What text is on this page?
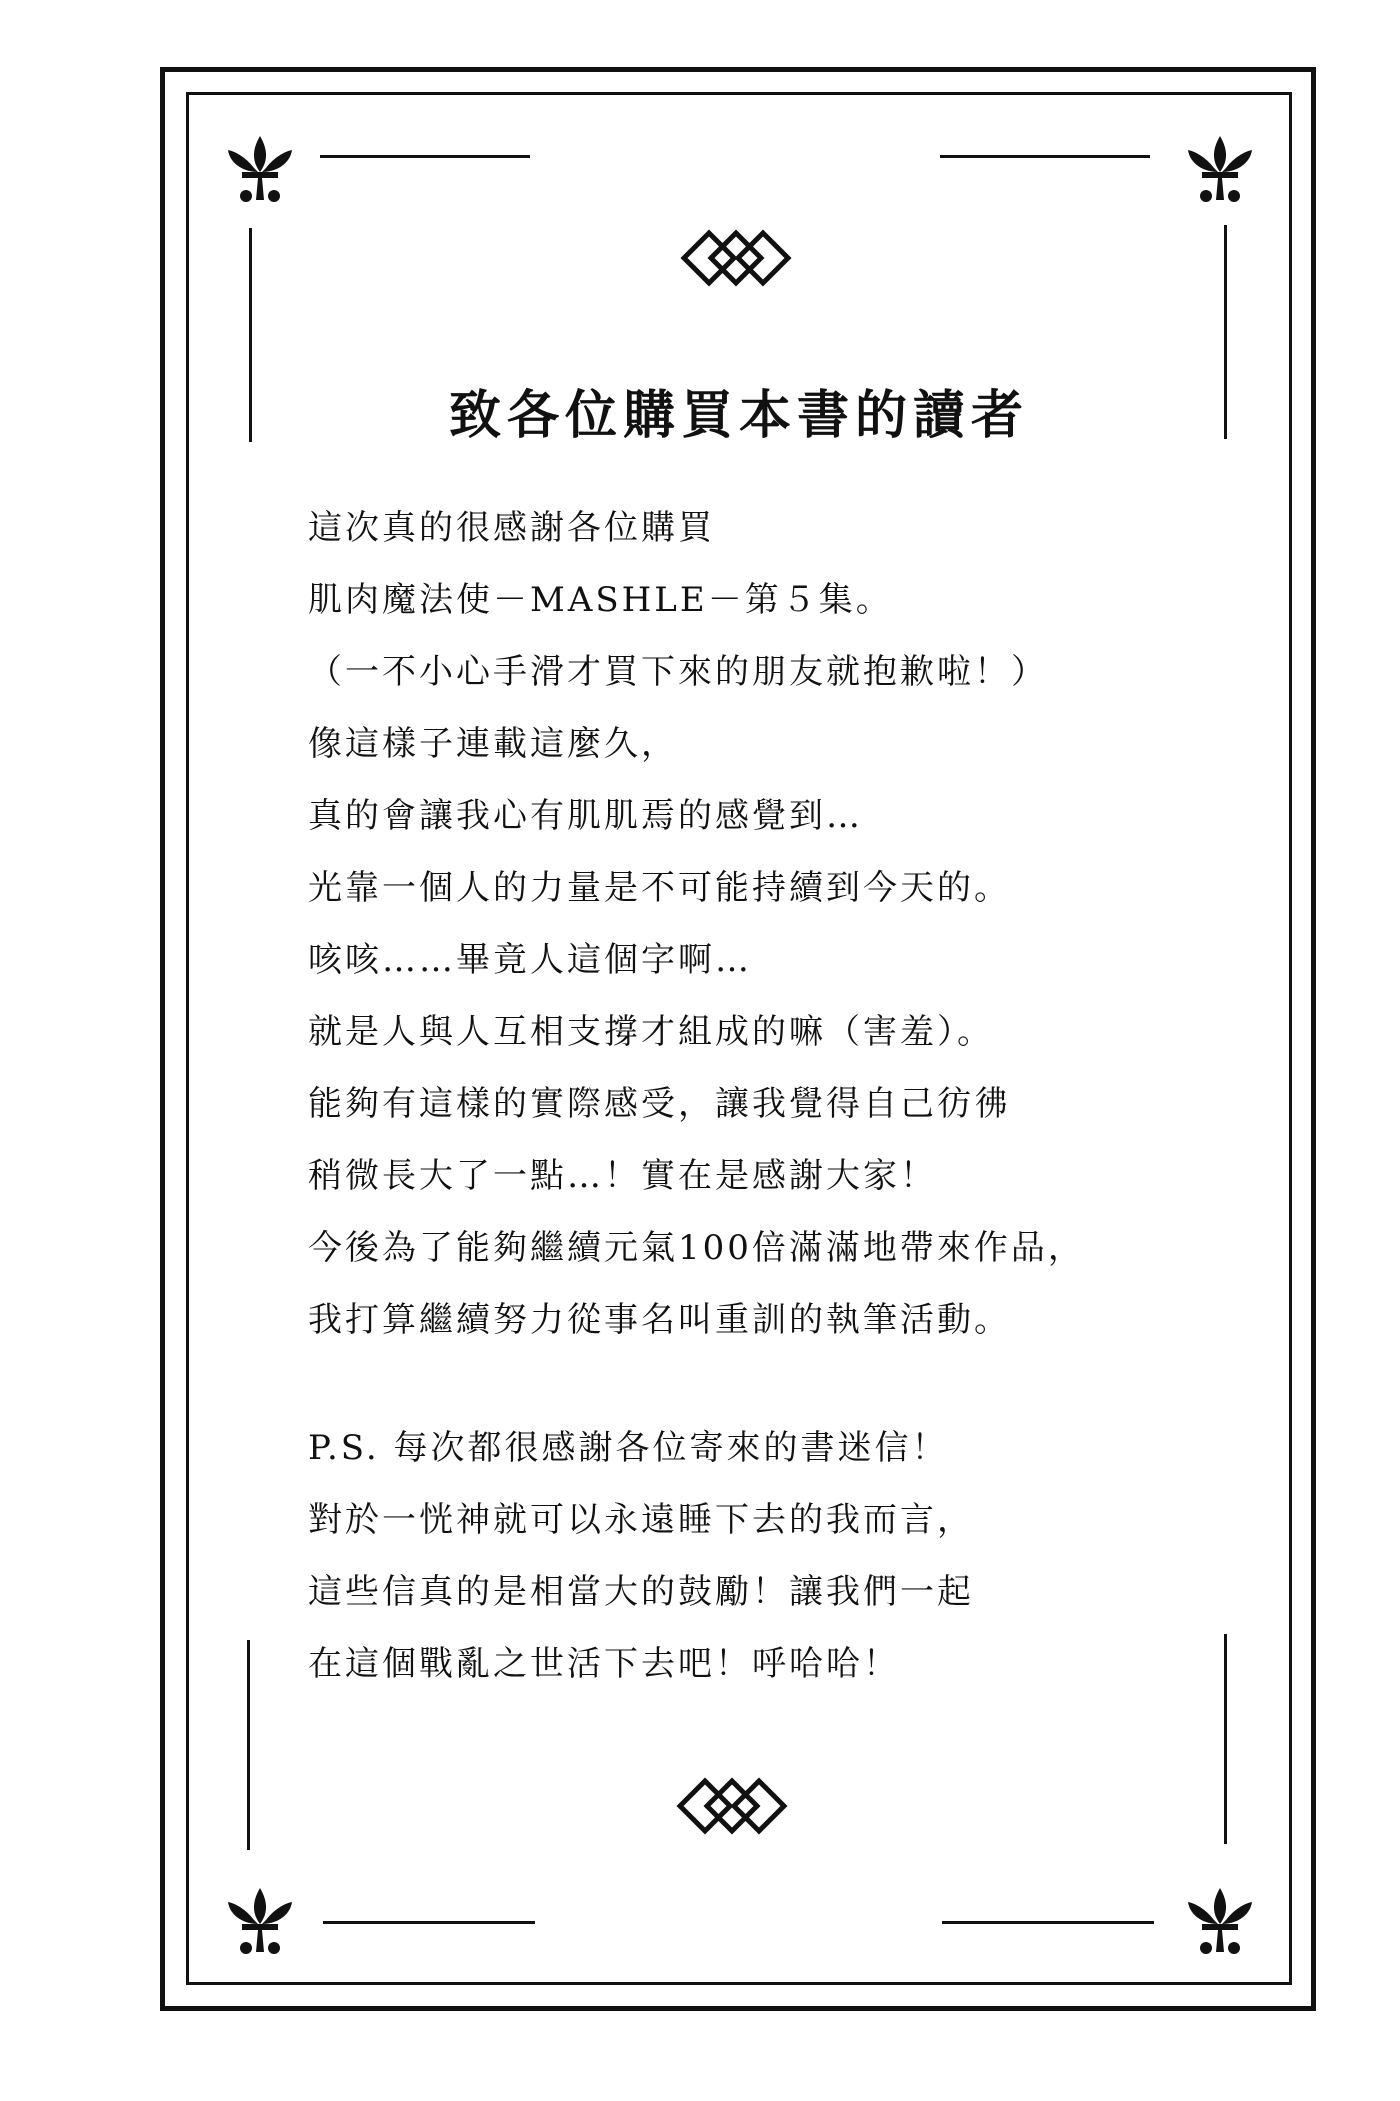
致各位購買本書的讀者
這次真的很感謝各位購買
肌肉魔法使－MASHLE－第５集。
（一不小心手滑才買下來的朋友就抱歉啦！）
像這樣子連載這麼久，
真的會讓我心有肌肌焉的感覺到…
光靠一個人的力量是不可能持續到今天的。
咳咳……畢竟人這個字啊…
就是人與人互相支撐才組成的嘛（害羞）。
能夠有這樣的實際感受，讓我覺得自己彷彿
稍微長大了一點…！實在是感謝大家！
今後為了能夠繼續元氣100倍滿滿地帶來作品，
我打算繼續努力從事名叫重訓的執筆活動。
P.S. 每次都很感謝各位寄來的書迷信！
對於一恍神就可以永遠睡下去的我而言，
這些信真的是相當大的鼓勵！讓我們一起
在這個戰亂之世活下去吧！呼哈哈！
